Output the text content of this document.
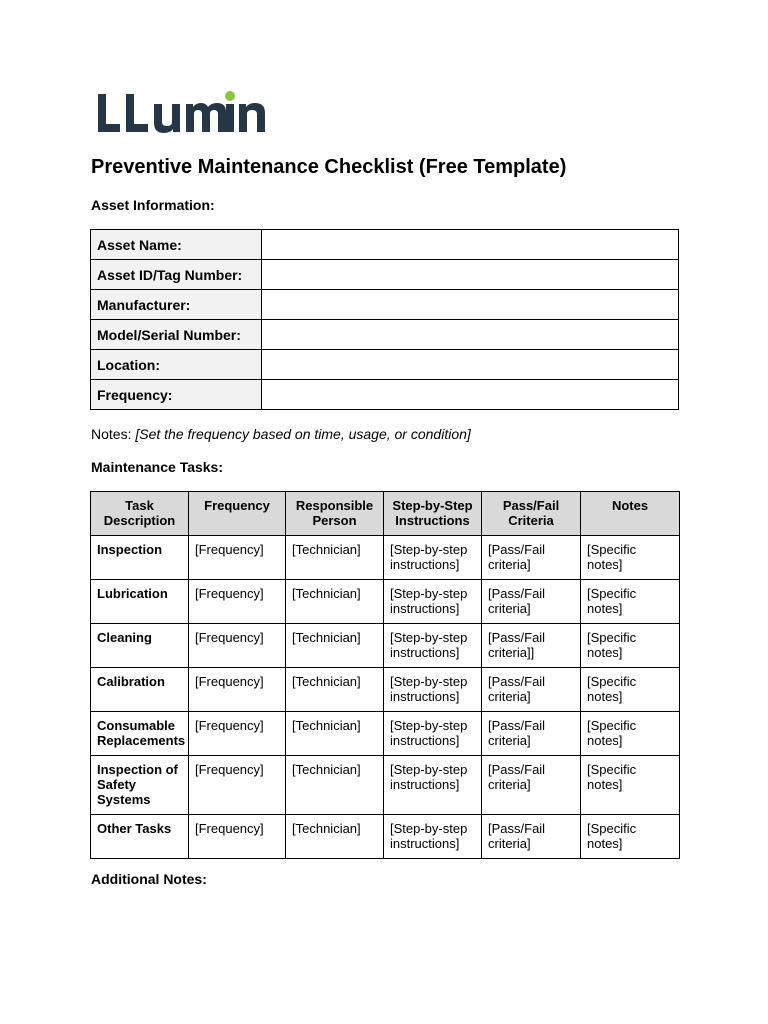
Preventive Maintenance Checklist (Free Template)
Asset Information:
Asset Name:	
Asset ID/Tag Number:	
Manufacturer:	
Model/Serial Number:	
Location:	
Frequency:	
Notes: [Set the frequency based on time, usage, or condition]
Maintenance Tasks:
Task Description	Frequency	Responsible Person	Step-by-Step Instructions	Pass/Fail Criteria	Notes
Inspection	[Frequency]	[Technician]	[Step-by-step instructions]	[Pass/Fail criteria]	[Specific notes]
Lubrication	[Frequency]	[Technician]	[Step-by-step instructions]	[Pass/Fail criteria]	[Specific notes]
Cleaning	[Frequency]	[Technician]	[Step-by-step instructions]	[Pass/Fail criteria]]	[Specific notes]
Calibration	[Frequency]	[Technician]	[Step-by-step instructions]	[Pass/Fail criteria]	[Specific notes]
Consumable Replacements	[Frequency]	[Technician]	[Step-by-step instructions]	[Pass/Fail criteria]	[Specific notes]
Inspection of Safety Systems	[Frequency]	[Technician]	[Step-by-step instructions]	[Pass/Fail criteria]	[Specific notes]
Other Tasks	[Frequency]	[Technician]	[Step-by-step instructions]	[Pass/Fail criteria]	[Specific notes]
Additional Notes:
